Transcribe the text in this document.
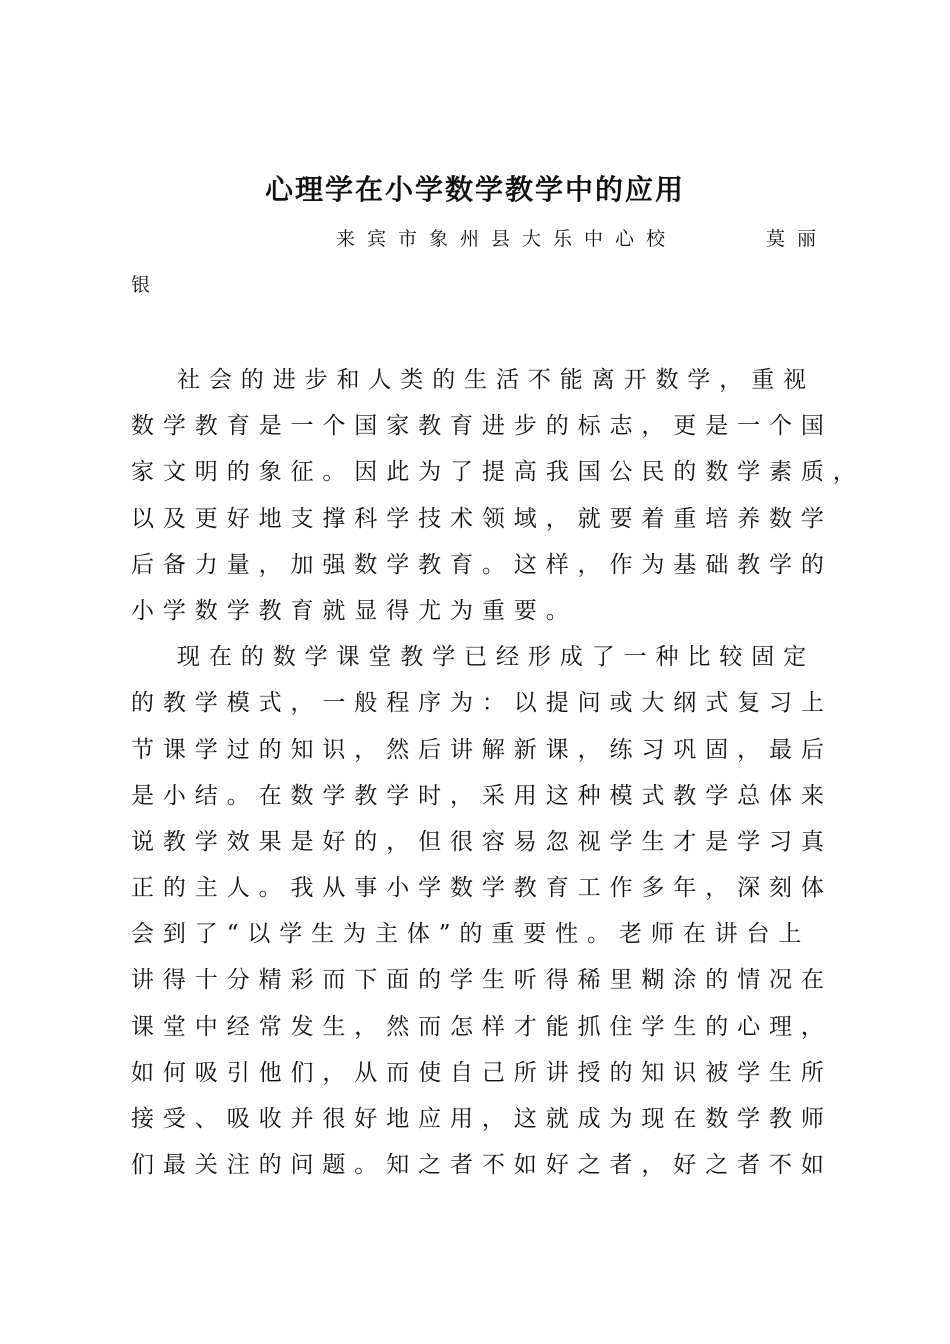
心理学在小学数学教学中的应用
来宾市象州县大乐中心校	莫丽
银
社会的进步和人类的生活不能离开数学，重视
数学教育是一个国家教育进步的标志，更是一个国
家文明的象征。因此为了提高我国公民的数学素质，
以及更好地支撑科学技术领域，就要着重培养数学
后备力量，加强数学教育。这样，作为基础教学的
小学数学教育就显得尤为重要。
现在的数学课堂教学已经形成了一种比较固定
的教学模式，一般程序为：以提问或大纲式复习上
节课学过的知识，然后讲解新课，练习巩固，最后
是小结。在数学教学时，采用这种模式教学总体来
说教学效果是好的，但很容易忽视学生才是学习真
正的主人。我从事小学数学教育工作多年，深刻体
会到了“以学生为主体”的重要性。老师在讲台上
讲得十分精彩而下面的学生听得稀里糊涂的情况在
课堂中经常发生，然而怎样才能抓住学生的心理，
如何吸引他们，从而使自己所讲授的知识被学生所
接受、吸收并很好地应用，这就成为现在数学教师
们最关注的问题。知之者不如好之者，好之者不如
